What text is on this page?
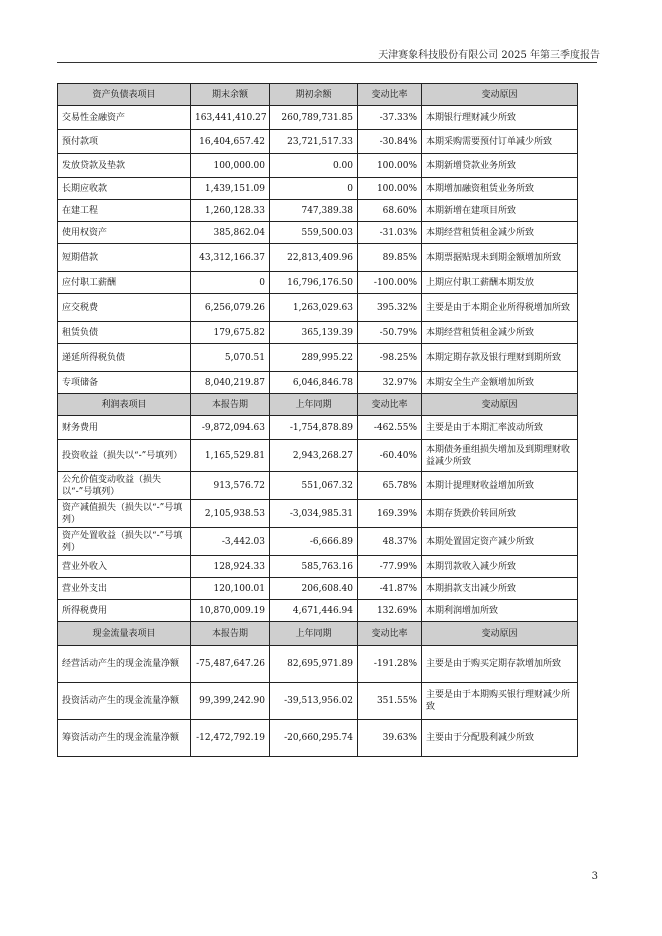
天津赛象科技股份有限公司 2025 年第三季度报告
资产负债表项目	期末余额	期初余额	变动比率	变动原因
交易性金融资产	163,441,410.27	260,789,731.85	-37.33%	本期银行理财减少所致
预付款项	16,404,657.42	23,721,517.33	-30.84%	本期采购需要预付订单减少所致
发放贷款及垫款	100,000.00	0.00	100.00%	本期新增贷款业务所致
长期应收款	1,439,151.09	0	100.00%	本期增加融资租赁业务所致
在建工程	1,260,128.33	747,389.38	68.60%	本期新增在建项目所致
使用权资产	385,862.04	559,500.03	-31.03%	本期经营租赁租金减少所致
短期借款	43,312,166.37	22,813,409.96	89.85%	本期票据贴现未到期金额增加所致
应付职工薪酬	0	16,796,176.50	-100.00%	上期应付职工薪酬本期发放
应交税费	6,256,079.26	1,263,029.63	395.32%	主要是由于本期企业所得税增加所致
租赁负债	179,675.82	365,139.39	-50.79%	本期经营租赁租金减少所致
递延所得税负债	5,070.51	289,995.22	-98.25%	本期定期存款及银行理财到期所致
专项储备	8,040,219.87	6,046,846.78	32.97%	本期安全生产金额增加所致
利润表项目	本报告期	上年同期	变动比率	变动原因
财务费用	-9,872,094.63	-1,754,878.89	-462.55%	主要是由于本期汇率波动所致
投资收益（损失以“-”号填列）	1,165,529.81	2,943,268.27	-60.40%	本期债务重组损失增加及到期理财收益减少所致
公允价值变动收益（损失以“-”号填列）	913,576.72	551,067.32	65.78%	本期计提理财收益增加所致
资产减值损失（损失以“-”号填列）	2,105,938.53	-3,034,985.31	169.39%	本期存货跌价转回所致
资产处置收益（损失以“-”号填列）	-3,442.03	-6,666.89	48.37%	本期处置固定资产减少所致
营业外收入	128,924.33	585,763.16	-77.99%	本期罚款收入减少所致
营业外支出	120,100.01	206,608.40	-41.87%	本期捐款支出减少所致
所得税费用	10,870,009.19	4,671,446.94	132.69%	本期利润增加所致
现金流量表项目	本报告期	上年同期	变动比率	变动原因
经营活动产生的现金流量净额	-75,487,647.26	82,695,971.89	-191.28%	主要是由于购买定期存款增加所致
投资活动产生的现金流量净额	99,399,242.90	-39,513,956.02	351.55%	主要是由于本期购买银行理财减少所致
筹资活动产生的现金流量净额	-12,472,792.19	-20,660,295.74	39.63%	主要由于分配股利减少所致
3
